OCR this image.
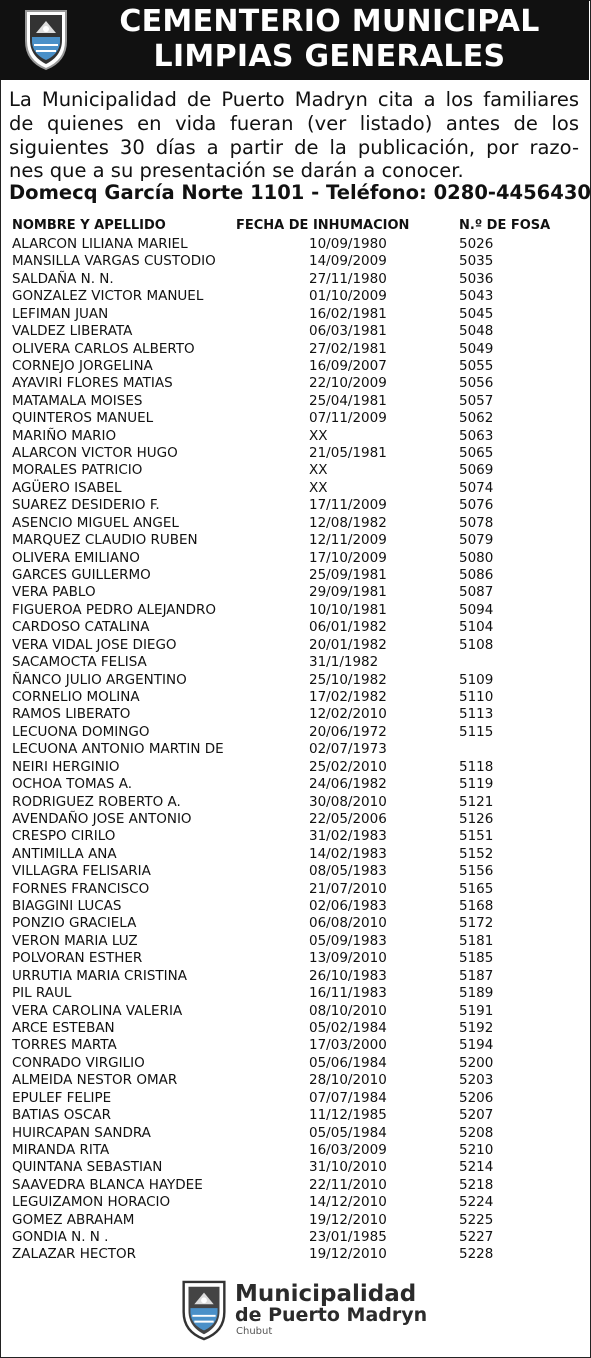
CEMENTERIO MUNICIPAL
LIMPIAS GENERALES
La Municipalidad de Puerto Madryn cita a los familiares
de quienes en vida fueran (ver listado) antes de los
siguientes 30 días a partir de la publicación, por razo-
nes que a su presentación se darán a conocer.
Domecq García Norte 1101 - Teléfono: 0280-4456430
NOMBRE Y APELLIDO	FECHA DE INHUMACION	N.º DE FOSA
ALARCON LILIANA MARIEL	10/09/1980	5026
MANSILLA VARGAS CUSTODIO	14/09/2009	5035
SALDAÑA N. N.	27/11/1980	5036
GONZALEZ VICTOR MANUEL	01/10/2009	5043
LEFIMAN JUAN	16/02/1981	5045
VALDEZ LIBERATA	06/03/1981	5048
OLIVERA CARLOS ALBERTO	27/02/1981	5049
CORNEJO JORGELINA	16/09/2007	5055
AYAVIRI FLORES MATIAS	22/10/2009	5056
MATAMALA MOISES	25/04/1981	5057
QUINTEROS MANUEL	07/11/2009	5062
MARIÑO MARIO	XX	5063
ALARCON VICTOR HUGO	21/05/1981	5065
MORALES PATRICIO	XX	5069
AGÜERO ISABEL	XX	5074
SUAREZ DESIDERIO F.	17/11/2009	5076
ASENCIO MIGUEL ANGEL	12/08/1982	5078
MARQUEZ CLAUDIO RUBEN	12/11/2009	5079
OLIVERA EMILIANO	17/10/2009	5080
GARCES GUILLERMO	25/09/1981	5086
VERA PABLO	29/09/1981	5087
FIGUEROA PEDRO ALEJANDRO	10/10/1981	5094
CARDOSO CATALINA	06/01/1982	5104
VERA VIDAL JOSE DIEGO	20/01/1982	5108
SACAMOCTA FELISA	31/1/1982
ÑANCO JULIO ARGENTINO	25/10/1982	5109
CORNELIO MOLINA	17/02/1982	5110
RAMOS LIBERATO	12/02/2010	5113
LECUONA DOMINGO	20/06/1972	5115
LECUONA ANTONIO MARTIN DE	02/07/1973
NEIRI HERGINIO	25/02/2010	5118
OCHOA TOMAS A.	24/06/1982	5119
RODRIGUEZ ROBERTO A.	30/08/2010	5121
AVENDAÑO JOSE ANTONIO	22/05/2006	5126
CRESPO CIRILO	31/02/1983	5151
ANTIMILLA ANA	14/02/1983	5152
VILLAGRA FELISARIA	08/05/1983	5156
FORNES FRANCISCO	21/07/2010	5165
BIAGGINI LUCAS	02/06/1983	5168
PONZIO GRACIELA	06/08/2010	5172
VERON MARIA LUZ	05/09/1983	5181
POLVORAN ESTHER	13/09/2010	5185
URRUTIA MARIA CRISTINA	26/10/1983	5187
PIL RAUL	16/11/1983	5189
VERA CAROLINA VALERIA	08/10/2010	5191
ARCE ESTEBAN	05/02/1984	5192
TORRES MARTA	17/03/2000	5194
CONRADO VIRGILIO	05/06/1984	5200
ALMEIDA NESTOR OMAR	28/10/2010	5203
EPULEF FELIPE	07/07/1984	5206
BATIAS OSCAR	11/12/1985	5207
HUIRCAPAN SANDRA	05/05/1984	5208
MIRANDA RITA	16/03/2009	5210
QUINTANA SEBASTIAN	31/10/2010	5214
SAAVEDRA BLANCA HAYDEE	22/11/2010	5218
LEGUIZAMON HORACIO	14/12/2010	5224
GOMEZ ABRAHAM	19/12/2010	5225
GONDIA N. N .	23/01/1985	5227
ZALAZAR HECTOR	19/12/2010	5228
Municipalidad
de Puerto Madryn
Chubut
